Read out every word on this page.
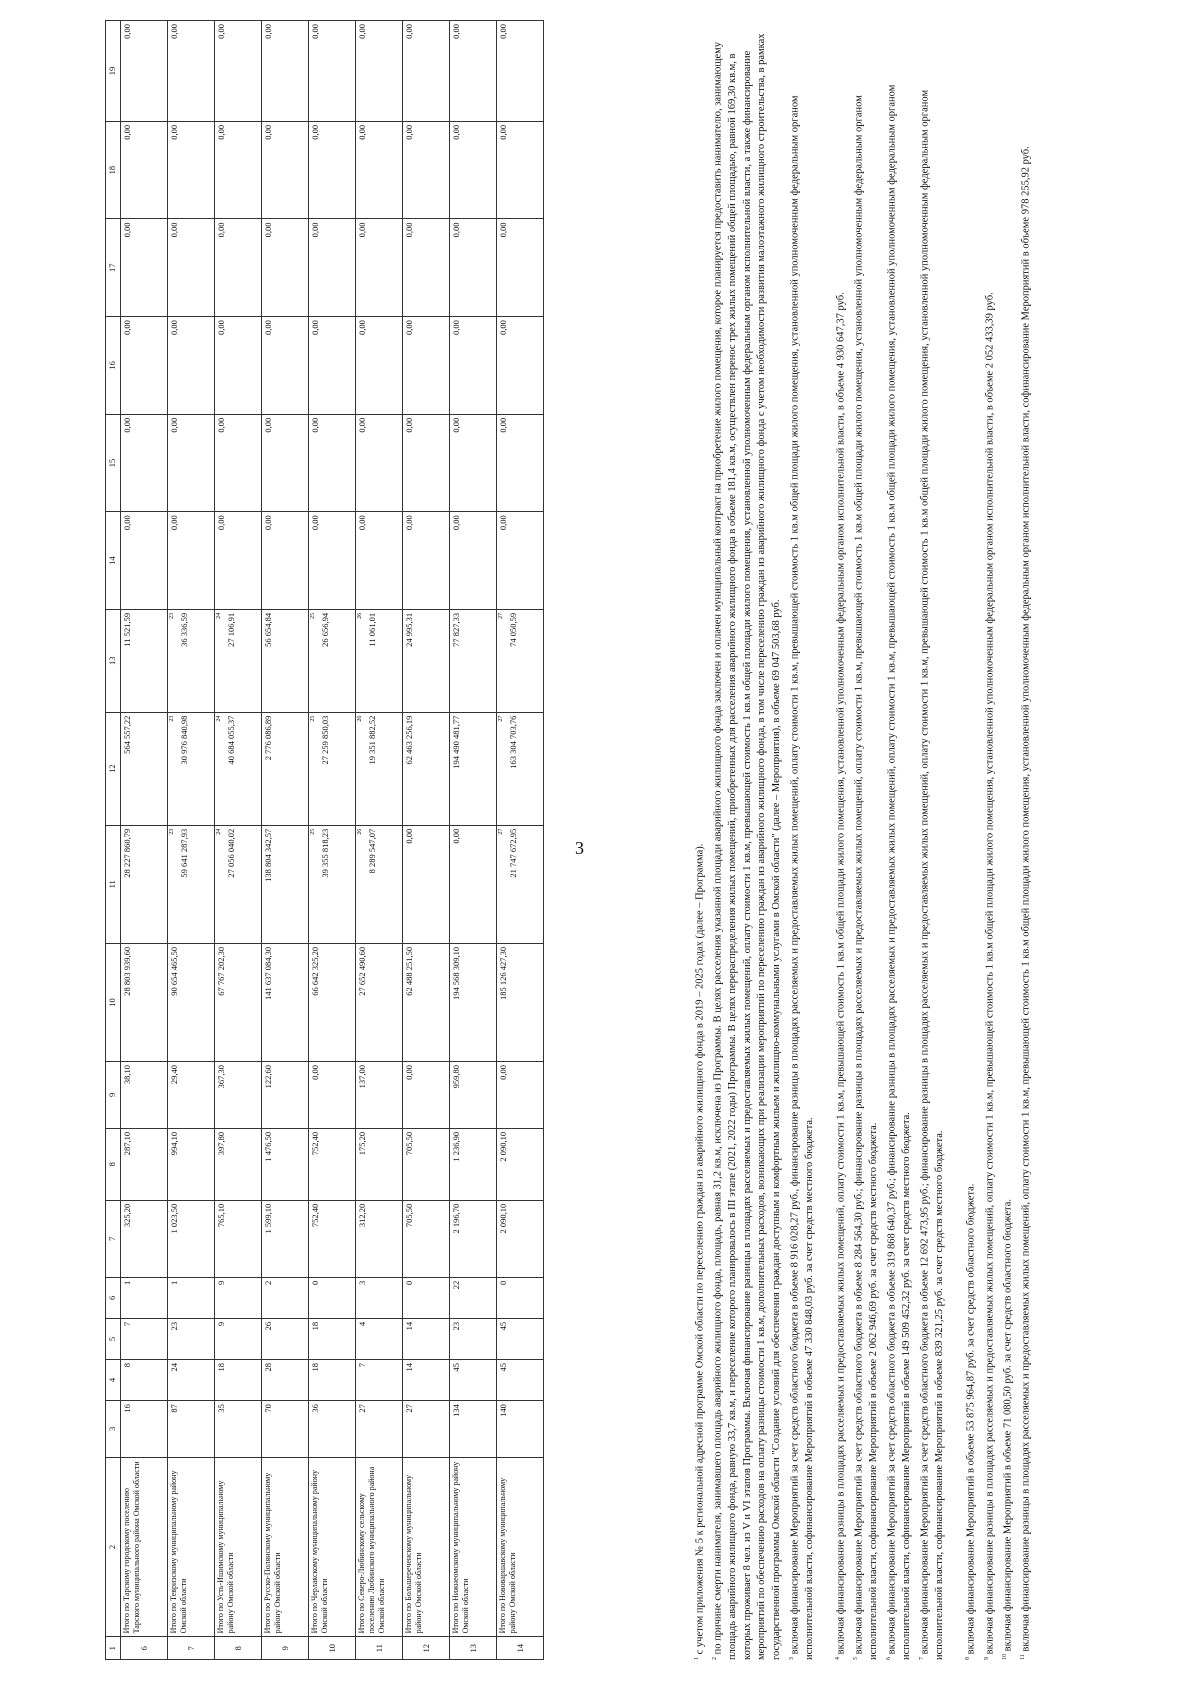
3
1	2	3	4	5	6	7	8	9	10	11	12	13	14	15	16	17	18	19
6	Итого по Тарскому городскому поселению Тарского муниципального района Омской области	16	8	7	1	325,20	287,10	38,10	28 803 939,60	28 227 860,79	564 557,22	11 521,59	0,00	0,00	0,00	0,00	0,00	0,00
7	Итого по Тевризскому муниципальному району Омской области	87	24	23	1	1 023,50	994,10	29,40	90 654 465,50	$^{23}$ 59 641 287,93	$^{23}$ 30 976 840,98	$^{23}$ 36 336,59	0,00	0,00	0,00	0,00	0,00	0,00
8	Итого по Усть-Ишимскому муниципальному району Омской области	35	18	9	9	765,10	397,80	367,30	67 767 202,30	$^{24}$ 27 056 040,02	$^{24}$ 40 684 055,37	$^{24}$ 27 106,91	0,00	0,00	0,00	0,00	0,00	0,00
9	Итого по Русско-Полянскому муниципальному району Омской области	70	28	26	2	1 599,10	1 476,50	122,60	141 637 084,30	138 804 342,57	2 776 086,89	56 654,84	0,00	0,00	0,00	0,00	0,00	0,00
10	Итого по Черлакскому муниципальному району Омской области	36	18	18	0	752,40	752,40	0,00	66 642 325,20	$^{25}$ 39 355 818,23	$^{25}$ 27 259 850,03	$^{25}$ 26 656,94	0,00	0,00	0,00	0,00	0,00	0,00
11	Итого по Северо-Любинскому сельскому поселению Любинского муниципального района Омской области	27	7	4	3	312,20	175,20	137,00	27 652 490,60	$^{26}$ 8 289 547,07	$^{26}$ 19 351 882,52	$^{26}$ 11 061,01	0,00	0,00	0,00	0,00	0,00	0,00
12	Итого по Большереченскому муниципальному району Омской области	27	14	14	0	705,50	705,50	0,00	62 488 251,50	0,00	62 463 256,19	24 995,31	0,00	0,00	0,00	0,00	0,00	0,00
13	Итого по Нижнеомскому муниципальному району Омской области	134	45	23	22	2 196,70	1 236,90	959,80	194 568 309,10	0,00	194 490 481,77	77 827,33	0,00	0,00	0,00	0,00	0,00	0,00
14	Итого по Нововаршавскому муниципальному району Омской области	140	45	45	0	2 090,10	2 090,10	0,00	185 126 427,30	$^{27}$ 21 747 672,95	$^{27}$ 163 304 703,76	$^{27}$ 74 050,59	0,00	0,00	0,00	0,00	0,00	0,00

$^1$ с учетом приложения № 5 к региональной адресной программе Омской области по переселению граждан из аварийного жилищного фонда в 2019 – 2025 годах (далее – Программа).

$^2$ по причине смерти нанимателя, занимавшего площадь аварийного жилищного фонда, площадь, равная 31,2 кв.м, исключена из Программы. В целях расселения указанной площади аварийного жилищного фонда заключен и оплачен муниципальный контракт на приобретение жилого помещения, которое планируется предоставить нанимателю, занимающему площадь аварийного жилищного фонда, равную 33,7 кв.м, и переселение которого планировалось в III этапе (2021, 2022 годы) Программы. В целях перераспределения жилых помещений, приобретенных для расселения аварийного жилищного фонда в объеме 181,4 кв.м, осуществлен перенос трех жилых помещений общей площадью, равной 169,30 кв.м, в которых проживает 8 чел. из V и VI этапов Программы. Включая финансирование разницы в площадях расселяемых и предоставляемых жилых помещений, оплату стоимости 1 кв.м, превышающей стоимость 1 кв.м общей площади жилого помещения, установленной уполномоченным федеральным органом исполнительной власти, а также финансирование мероприятий по обеспечению расходов на оплату разницы стоимости 1 кв.м, дополнительных расходов, возникающих при реализации мероприятий по переселению граждан из аварийного жилищного фонда, в том числе переселению граждан из аварийного жилищного фонда с учетом необходимости развития малоэтажного жилищного строительства, в рамках государственной программы Омской области "Создание условий для обеспечения граждан доступным и комфортным жильем и жилищно-коммунальными услугами в Омской области" (далее – Мероприятия), в объеме 69 047 503,68 руб.	$^3$ включая финансирование Мероприятий за счет средств областного бюджета в объеме 8 916 028,27 руб., финансирование разницы в площадях расселяемых и предоставляемых жилых помещений, оплату стоимости 1 кв.м, превышающей стоимость 1 кв.м общей площади жилого помещения, установленной уполномоченным федеральным органом исполнительной власти, софинансирование Мероприятий в объеме 47 330 848,03 руб. за счет средств местного бюджета.	$^4$ включая финансирование разницы в площадях расселяемых и предоставляемых жилых помещений, оплату стоимости 1 кв.м, превышающей стоимость 1 кв.м общей площади жилого помещения, установленной уполномоченным федеральным органом исполнительной власти, в объеме 4 930 647,37 руб.

$^5$ включая финансирование Мероприятий за счет средств областного бюджета в объеме 8 284 564,30 руб.; финансирование разницы в площадях расселяемых и предоставляемых жилых помещений, оплату стоимости 1 кв.м, превышающей стоимость 1 кв.м общей площади жилого помещения, установленной уполномоченным федеральным органом исполнительной власти, софинансирование Мероприятий в объеме 2 062 946,69 руб. за счет средств местного бюджета.	$^6$ включая финансирование Мероприятий за счет средств областного бюджета в объеме 319 868 640,37 руб.; финансирование разницы в площадях расселяемых и предоставляемых жилых помещений, оплату стоимости 1 кв.м, превышающей стоимость 1 кв.м общей площади жилого помещения, установленной уполномоченным федеральным органом исполнительной власти, софинансирование Мероприятий в объеме 149 509 452,32 руб. за счет средств местного бюджета.	$^7$ включая финансирование Мероприятий за счет средств областного бюджета в объеме 12 692 473,95 руб.; финансирование разницы в площадях расселяемых и предоставляемых жилых помещений, оплату стоимости 1 кв.м, превышающей стоимость 1 кв.м общей площади жилого помещения, установленной уполномоченным федеральным органом исполнительной власти, софинансирование Мероприятий в объеме 839 321,25 руб. за счет средств местного бюджета.	$^8$ включая финансирование Мероприятий в объеме 53 875 964,87 руб. за счет средств областного бюджета.

$^9$ включая финансирование разницы в площадях расселяемых и предоставляемых жилых помещений, оплату стоимости 1 кв.м, превышающей стоимость 1 кв.м общей площади жилого помещения, установленной уполномоченным федеральным органом исполнительной власти, в объеме 2 052 433,39 руб.	$^{10}$ включая финансирование Мероприятий в объеме 71 080,50 руб. за счет средств областного бюджета.

$^{11}$ включая финансирование разницы в площадях расселяемых и предоставляемых жилых помещений, оплату стоимости 1 кв.м, превышающей стоимость 1 кв.м общей площади жилого помещения, установленной уполномоченным федеральным органом исполнительной власти, софинансирование Мероприятий в объеме 978 255,92 руб.
